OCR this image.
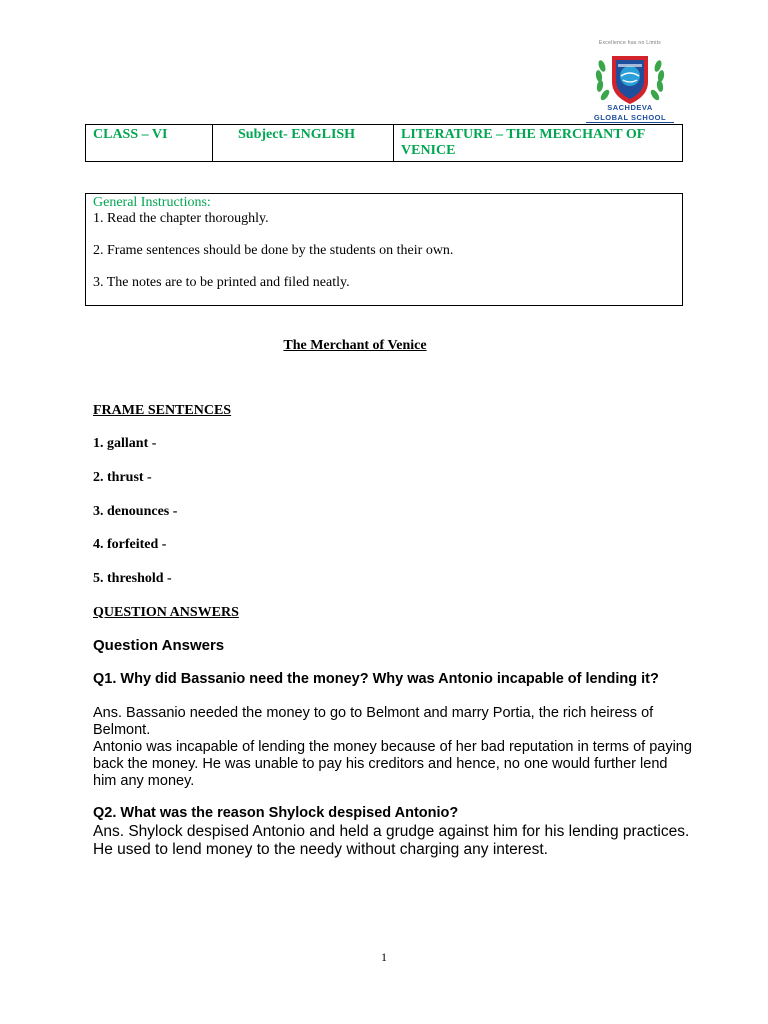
Excellence has no Limits
SACHDEVA
GLOBAL SCHOOL
CLASS – VI	Subject- ENGLISH	LITERATURE – THE MERCHANT OF VENICE
General Instructions:
1. Read the chapter thoroughly.
2. Frame sentences should be done by the students on their own.
3. The notes are to be printed and filed neatly.
The Merchant of Venice
FRAME SENTENCES
1. gallant -
2. thrust -
3. denounces -
4. forfeited -
5. threshold -
QUESTION ANSWERS
Question Answers
Q1. Why did Bassanio need the money? Why was Antonio incapable of lending it?
Ans. Bassanio needed the money to go to Belmont and marry Portia, the rich heiress of Belmont.
Antonio was incapable of lending the money because of her bad reputation in terms of paying back the money. He was unable to pay his creditors and hence, no one would further lend him any money.
Q2. What was the reason Shylock despised Antonio?
Ans. Shylock despised Antonio and held a grudge against him for his lending practices. He used to lend money to the needy without charging any interest.
1
